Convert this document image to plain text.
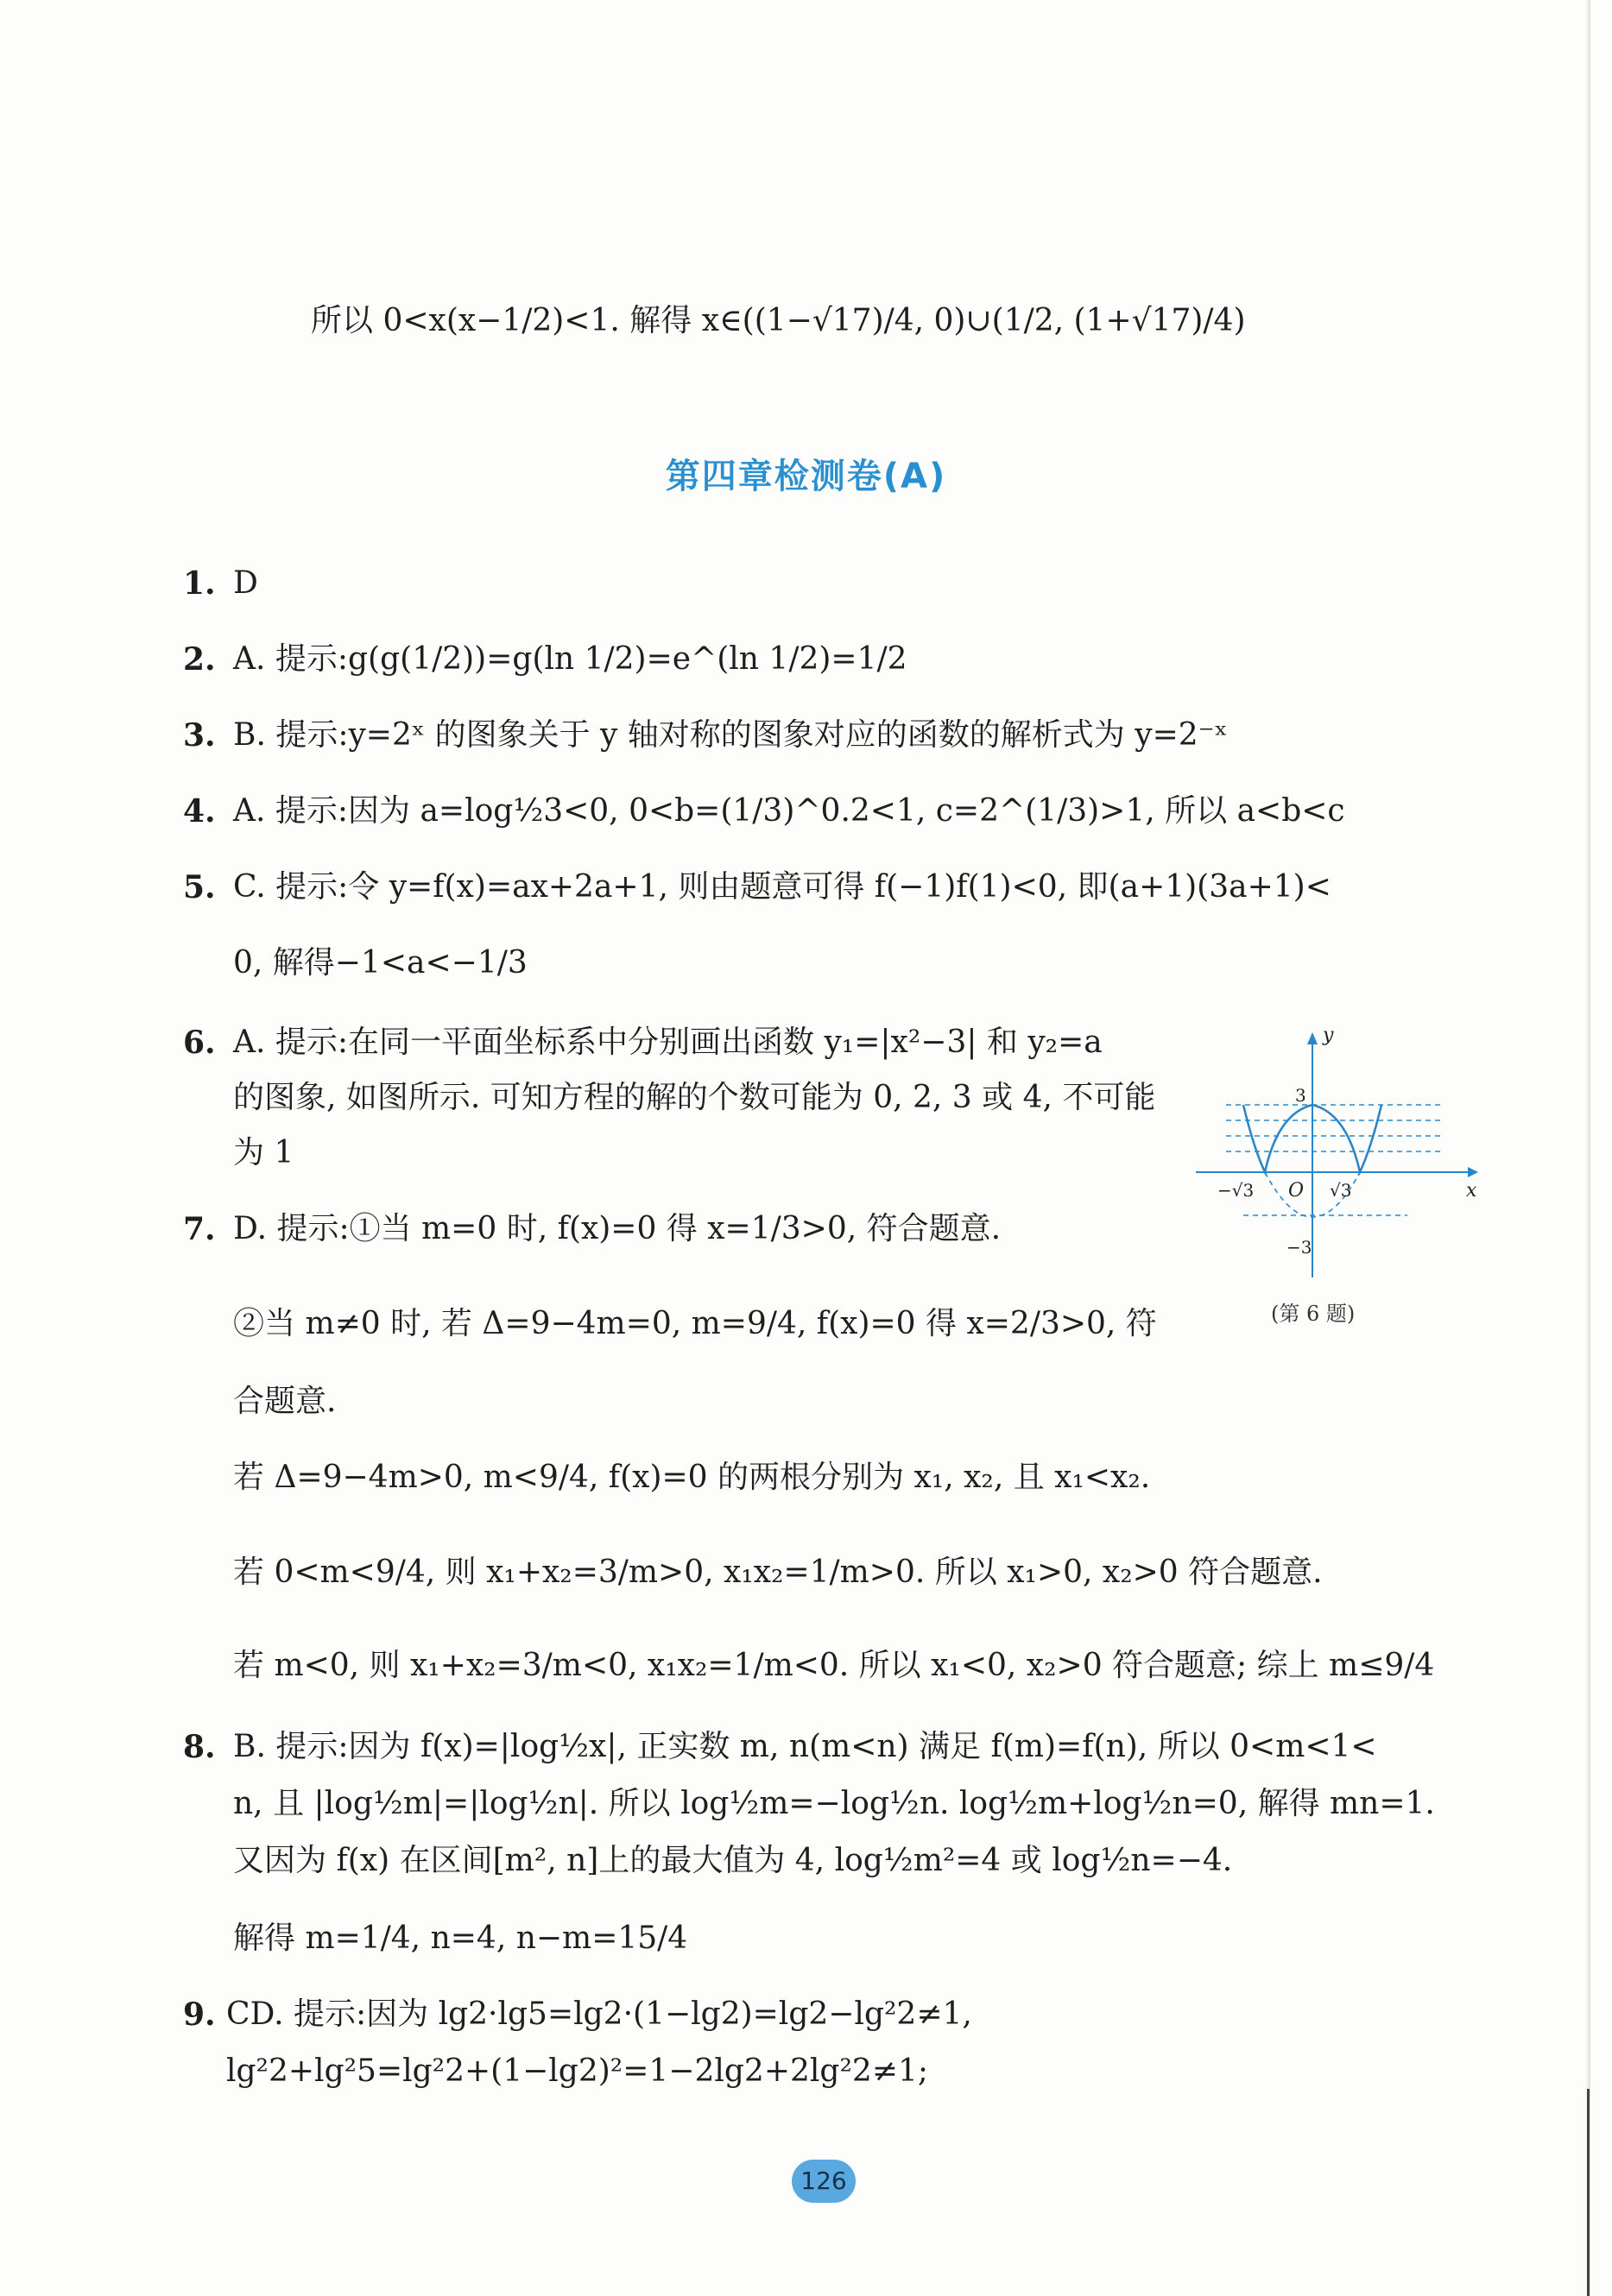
所以 0<x(x−1/2)<1. 解得 x∈((1−√17)/4, 0)∪(1/2, (1+√17)/4)
第四章检测卷(A)
1. D
2. A. 提示:g(g(1/2))=g(ln 1/2)=e^(ln 1/2)=1/2
3. B. 提示:y=2ˣ 的图象关于 y 轴对称的图象对应的函数的解析式为 y=2⁻ˣ
4. A. 提示:因为 a=log½3<0, 0<b=(1/3)^0.2<1, c=2^(1/3)>1, 所以 a<b<c
5. C. 提示:令 y=f(x)=ax+2a+1, 则由题意可得 f(−1)f(1)<0, 即(a+1)(3a+1)<
0, 解得−1<a<−1/3
6. A. 提示:在同一平面坐标系中分别画出函数 y₁=|x²−3| 和 y₂=a
的图象, 如图所示. 可知方程的解的个数可能为 0, 2, 3 或 4, 不可能
为 1
y
x
O
−√3	√3
3
−3
(第 6 题)
7. D. 提示:①当 m=0 时, f(x)=0 得 x=1/3>0, 符合题意.
②当 m≠0 时, 若 Δ=9−4m=0, m=9/4, f(x)=0 得 x=2/3>0, 符
合题意.
若 Δ=9−4m>0, m<9/4, f(x)=0 的两根分别为 x₁, x₂, 且 x₁<x₂.
若 0<m<9/4, 则 x₁+x₂=3/m>0, x₁x₂=1/m>0. 所以 x₁>0, x₂>0 符合题意.
若 m<0, 则 x₁+x₂=3/m<0, x₁x₂=1/m<0. 所以 x₁<0, x₂>0 符合题意; 综上 m≤9/4
8. B. 提示:因为 f(x)=|log½x|, 正实数 m, n(m<n) 满足 f(m)=f(n), 所以 0<m<1<
n, 且 |log½m|=|log½n|. 所以 log½m=−log½n. log½m+log½n=0, 解得 mn=1.
又因为 f(x) 在区间[m², n]上的最大值为 4, log½m²=4 或 log½n=−4.
解得 m=1/4, n=4, n−m=15/4
9. CD. 提示:因为 lg2·lg5=lg2·(1−lg2)=lg2−lg²2≠1,
lg²2+lg²5=lg²2+(1−lg2)²=1−2lg2+2lg²2≠1;
126
